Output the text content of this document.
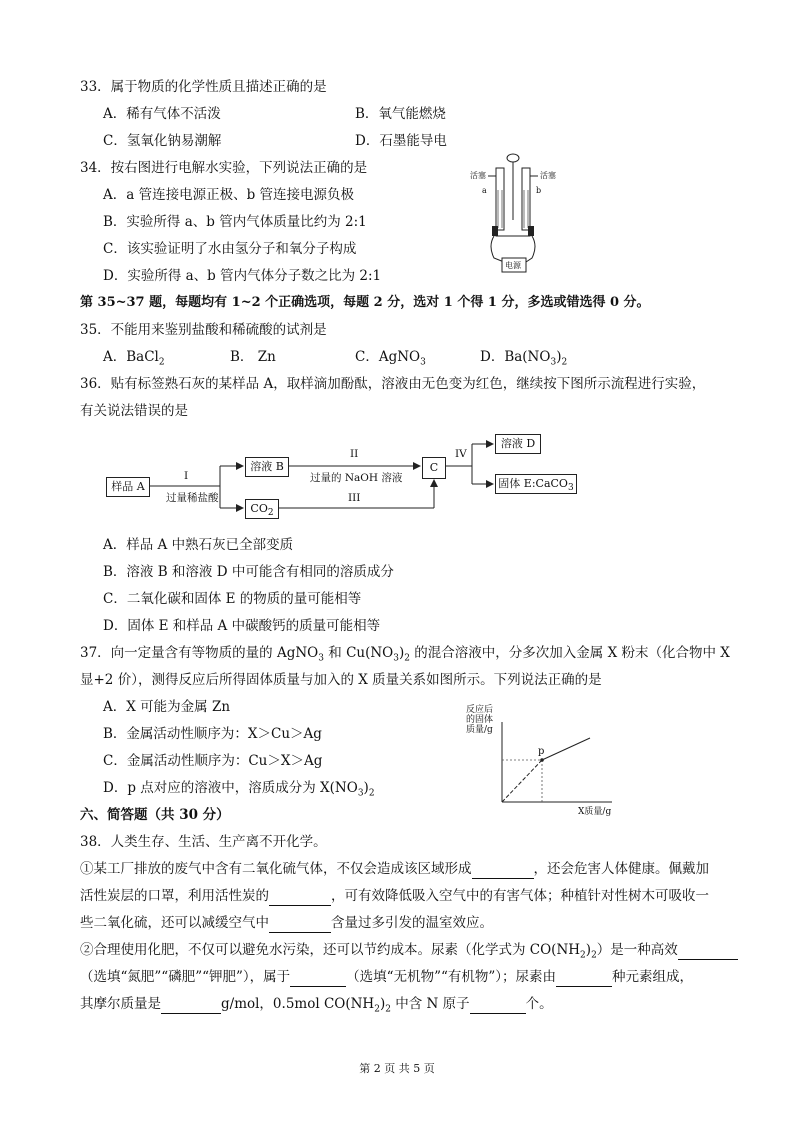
33．属于物质的化学性质且描述正确的是
A．稀有气体不活泼	B．氧气能燃烧
C．氢氧化钠易潮解	D．石墨能导电
34．按右图进行电解水实验，下列说法正确的是
A．a 管连接电源正极、b 管连接电源负极
B．实验所得 a、b 管内气体质量比约为 2:1
C．该实验证明了水由氢分子和氧分子构成
D．实验所得 a、b 管内气体分子数之比为 2:1
活塞	活塞
a	b
电源
第 35~37 题，每题均有 1~2 个正确选项，每题 2 分，选对 1 个得 1 分，多选或错选得 0 分。
35．不能用来鉴别盐酸和稀硫酸的试剂是
A．BaCl$_2$	B． Zn	C．AgNO$_3$	D．$Ba(NO_3)_2$
36．贴有标签熟石灰的某样品 A，取样滴加酚酞，溶液由无色变为红色，继续按下图所示流程进行实验，
有关说法错误的是
样品 A
I
过量稀盐酸
溶液 B
$CO_2$
II
过量的 NaOH 溶液
III
C
IV
溶液 D
固体 E:CaCO$_3$
A．样品 A 中熟石灰已全部变质
B．溶液 B 和溶液 D 中可能含有相同的溶质成分
C．二氧化碳和固体 E 的物质的量可能相等
D．固体 E 和样品 A 中碳酸钙的质量可能相等
37．向一定量含有等物质的量的 AgNO$_3$ 和 $Cu(NO_3)_2$ 的混合溶液中，分多次加入金属 X 粉末（化合物中 X
显+2 价），测得反应后所得固体质量与加入的 X 质量关系如图所示。下列说法正确的是
A．X 可能为金属 Zn
B．金属活动性顺序为：X＞Cu＞Ag
C．金属活动性顺序为：Cu＞X＞Ag
D．p 点对应的溶液中，溶质成分为 $X(NO_3)_2$
反应后
的固体
质量/g
p
X质量/g
六、简答题（共 30 分）
38．人类生存、生活、生产离不开化学。
①某工厂排放的废气中含有二氧化硫气体，不仅会造成该区域形成	，还会危害人体健康。佩戴加
活性炭层的口罩，利用活性炭的	，可有效降低吸入空气中的有害气体；种植针对性树木可吸收一
些二氧化硫，还可以减缓空气中	含量过多引发的温室效应。
②合理使用化肥，不仅可以避免水污染，还可以节约成本。尿素（化学式为 $CO(NH_2)_2$）是一种高效
（选填“氮肥”“磷肥”“钾肥”），属于	（选填“无机物”“有机物”）；尿素由	种元素组成，
其摩尔质量是	g/mol，0.5mol $CO(NH_2)_2$ 中含 N 原子	个。
第 2 页 共 5 页
